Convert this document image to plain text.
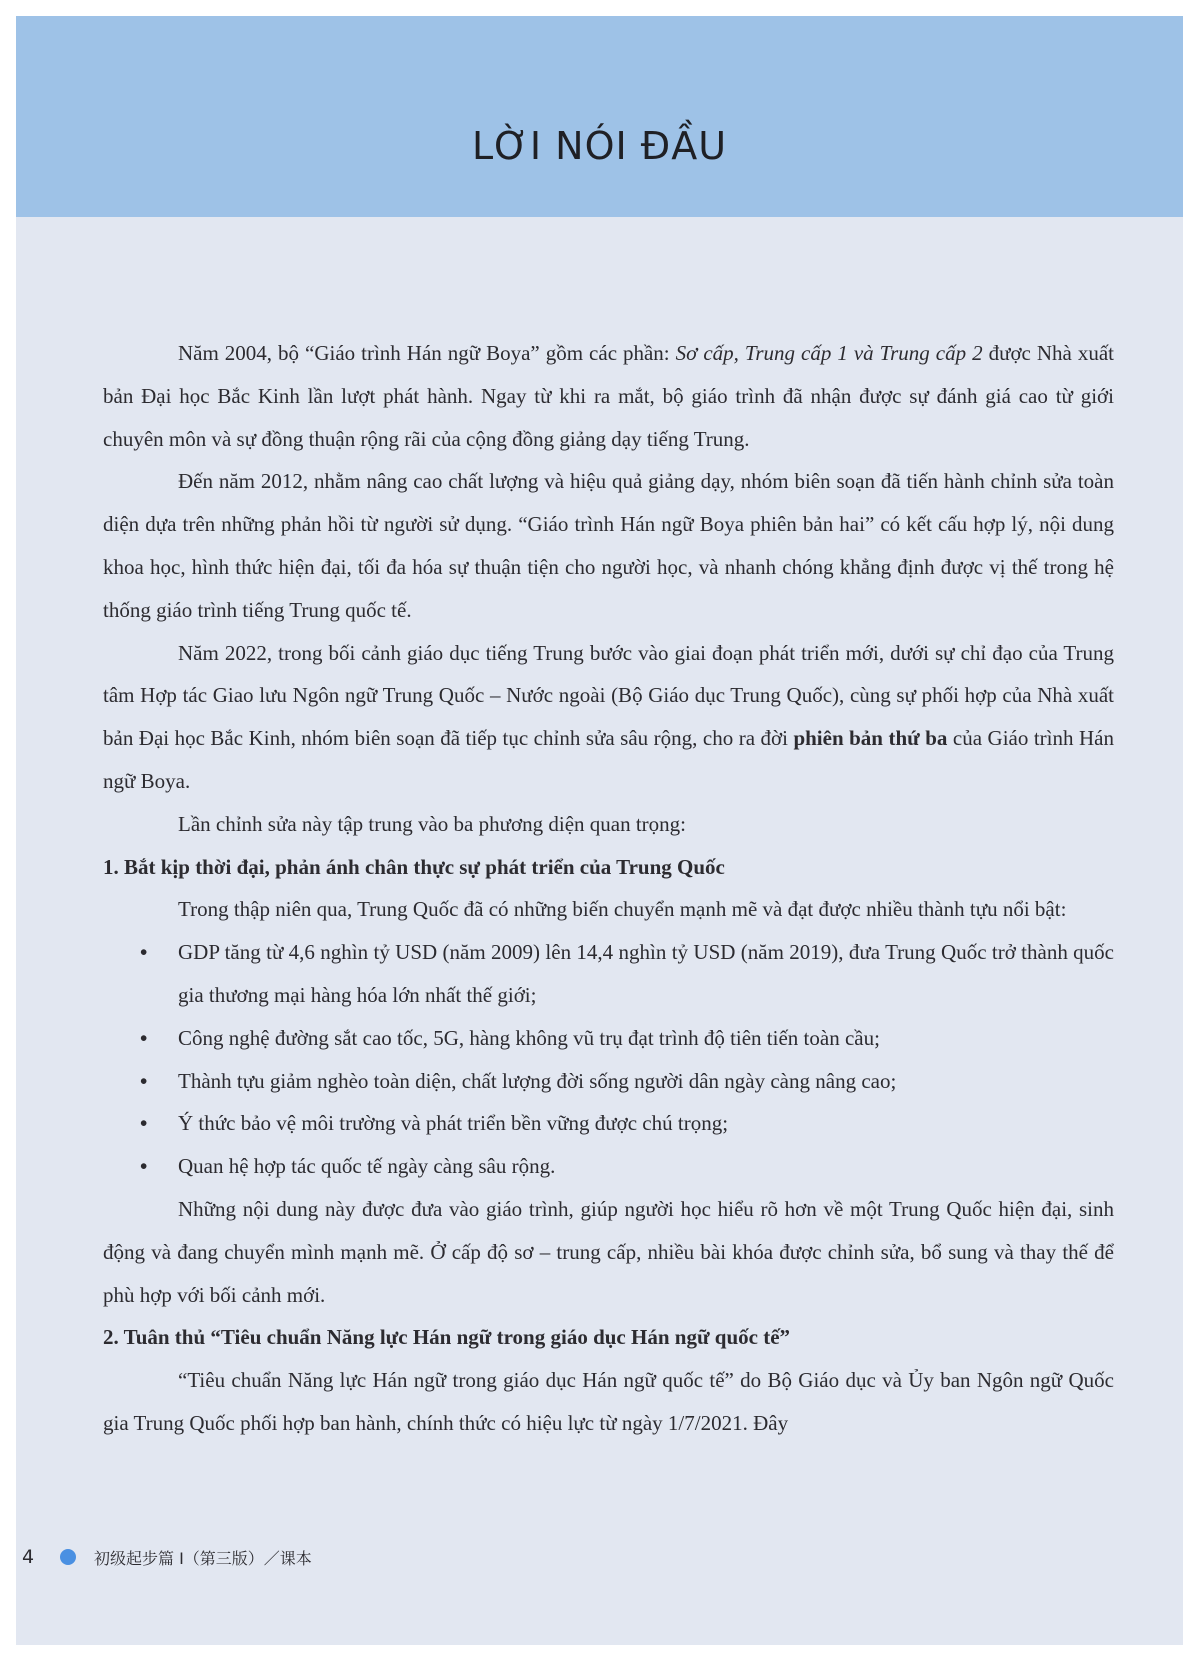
LỜI NÓI ĐẦU

Năm 2004, bộ “Giáo trình Hán ngữ Boya” gồm các phần: Sơ cấp, Trung cấp 1 và Trung cấp 2 được Nhà xuất bản Đại học Bắc Kinh lần lượt phát hành. Ngay từ khi ra mắt, bộ giáo trình đã nhận được sự đánh giá cao từ giới chuyên môn và sự đồng thuận rộng rãi của cộng đồng giảng dạy tiếng Trung.

Đến năm 2012, nhằm nâng cao chất lượng và hiệu quả giảng dạy, nhóm biên soạn đã tiến hành chỉnh sửa toàn diện dựa trên những phản hồi từ người sử dụng. “Giáo trình Hán ngữ Boya phiên bản hai” có kết cấu hợp lý, nội dung khoa học, hình thức hiện đại, tối đa hóa sự thuận tiện cho người học, và nhanh chóng khẳng định được vị thế trong hệ thống giáo trình tiếng Trung quốc tế.

Năm 2022, trong bối cảnh giáo dục tiếng Trung bước vào giai đoạn phát triển mới, dưới sự chỉ đạo của Trung tâm Hợp tác Giao lưu Ngôn ngữ Trung Quốc – Nước ngoài (Bộ Giáo dục Trung Quốc), cùng sự phối hợp của Nhà xuất bản Đại học Bắc Kinh, nhóm biên soạn đã tiếp tục chỉnh sửa sâu rộng, cho ra đời phiên bản thứ ba của Giáo trình Hán ngữ Boya.

Lần chỉnh sửa này tập trung vào ba phương diện quan trọng:

1. Bắt kịp thời đại, phản ánh chân thực sự phát triển của Trung Quốc

Trong thập niên qua, Trung Quốc đã có những biến chuyển mạnh mẽ và đạt được nhiều thành tựu nổi bật:

• GDP tăng từ 4,6 nghìn tỷ USD (năm 2009) lên 14,4 nghìn tỷ USD (năm 2019), đưa Trung Quốc trở thành quốc gia thương mại hàng hóa lớn nhất thế giới;
• Công nghệ đường sắt cao tốc, 5G, hàng không vũ trụ đạt trình độ tiên tiến toàn cầu;
• Thành tựu giảm nghèo toàn diện, chất lượng đời sống người dân ngày càng nâng cao;
• Ý thức bảo vệ môi trường và phát triển bền vững được chú trọng;
• Quan hệ hợp tác quốc tế ngày càng sâu rộng.

Những nội dung này được đưa vào giáo trình, giúp người học hiểu rõ hơn về một Trung Quốc hiện đại, sinh động và đang chuyển mình mạnh mẽ. Ở cấp độ sơ – trung cấp, nhiều bài khóa được chỉnh sửa, bổ sung và thay thế để phù hợp với bối cảnh mới.

2. Tuân thủ “Tiêu chuẩn Năng lực Hán ngữ trong giáo dục Hán ngữ quốc tế”

“Tiêu chuẩn Năng lực Hán ngữ trong giáo dục Hán ngữ quốc tế” do Bộ Giáo dục và Ủy ban Ngôn ngữ Quốc gia Trung Quốc phối hợp ban hành, chính thức có hiệu lực từ ngày 1/7/2021. Đây

4	初级起步篇 I（第三版）／课本
